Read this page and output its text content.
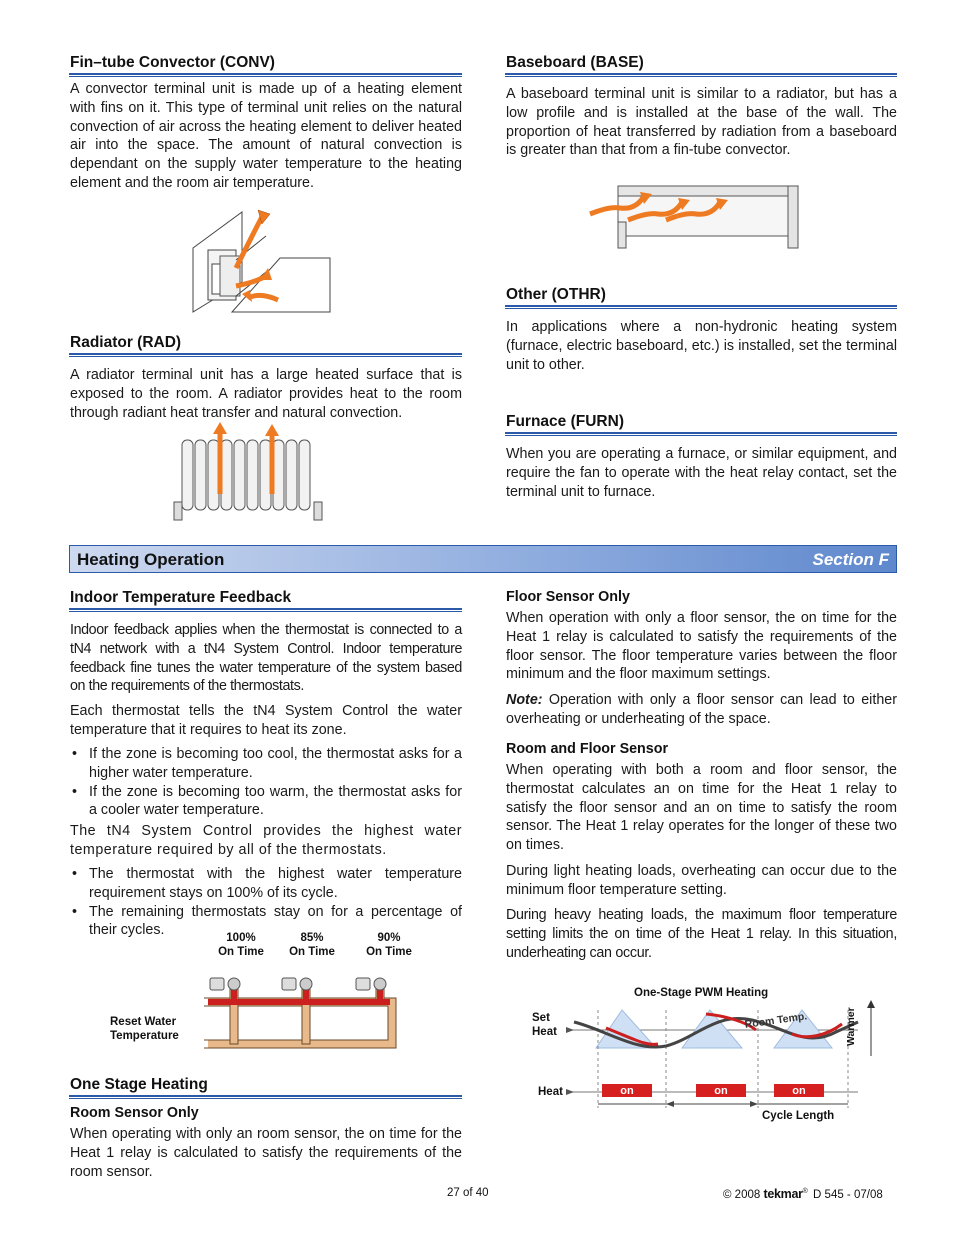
Fin–tube Convector (CONV)
A convector terminal unit is made up of a heating element with fins on it. This type of terminal unit relies on the natural convection of air across the heating element to deliver heated air into the space. The amount of natural convection is dependant on the supply water temperature to the heating element and the room air temperature.
Radiator (RAD)
A radiator terminal unit has a large heated surface that is exposed to the room. A radiator provides heat to the room through radiant heat transfer and natural convection.
Baseboard (BASE)
A baseboard terminal unit is similar to a radiator, but has a low profile and is installed at the base of the wall. The proportion of heat transferred by radiation from a baseboard is greater than that from a fin-tube convector.
Other (OTHR)
In applications where a non-hydronic heating system (furnace, electric baseboard, etc.) is installed, set the terminal unit to other.
Furnace (FURN)
When you are operating a furnace, or similar equipment, and require the fan to operate with the heat relay contact, set the terminal unit to furnace.
Heating Operation	Section F
Indoor Temperature Feedback
Indoor feedback applies when the thermostat is connected to a tN4 network with a tN4 System Control. Indoor temperature feedback fine tunes the water temperature of the system based on the requirements of the thermostats.
Each thermostat tells the tN4 System Control the water temperature that it requires to heat its zone.
• If the zone is becoming too cool, the thermostat asks for a higher water temperature.
• If the zone is becoming too warm, the thermostat asks for a cooler water temperature.
The tN4 System Control provides the highest water temperature required by all of the thermostats.
• The thermostat with the highest water temperature requirement stays on 100% of its cycle.
• The remaining thermostats stay on for a percentage of their cycles.	100%
On Time
85%
On Time
90%
On Time
Reset Water
Temperature
One Stage Heating
Room Sensor Only
When operating with only an room sensor, the on time for the Heat 1 relay is calculated to satisfy the requirements of the room sensor.
Floor Sensor Only
When operation with only a floor sensor, the on time for the Heat 1 relay is calculated to satisfy the requirements of the floor sensor. The floor temperature varies between the floor minimum and the floor maximum settings.
Note: Operation with only a floor sensor can lead to either overheating or underheating of the space.
Room and Floor Sensor
When operating with both a room and floor sensor, the thermostat calculates an on time for the Heat 1 relay to satisfy the floor sensor and an on time to satisfy the room sensor. The Heat 1 relay operates for the longer of these two on times.
During light heating loads, overheating can occur due to the minimum floor temperature setting.
During heavy heating loads, the maximum floor temperature setting limits the on time of the Heat 1 relay. In this situation, underheating can occur.
One-Stage PWM Heating
Set
Heat
Heat	on	on	on
Room Temp.
Cycle Length
Warmer
27 of 40	© 2008 tekmar® D 545 - 07/08
